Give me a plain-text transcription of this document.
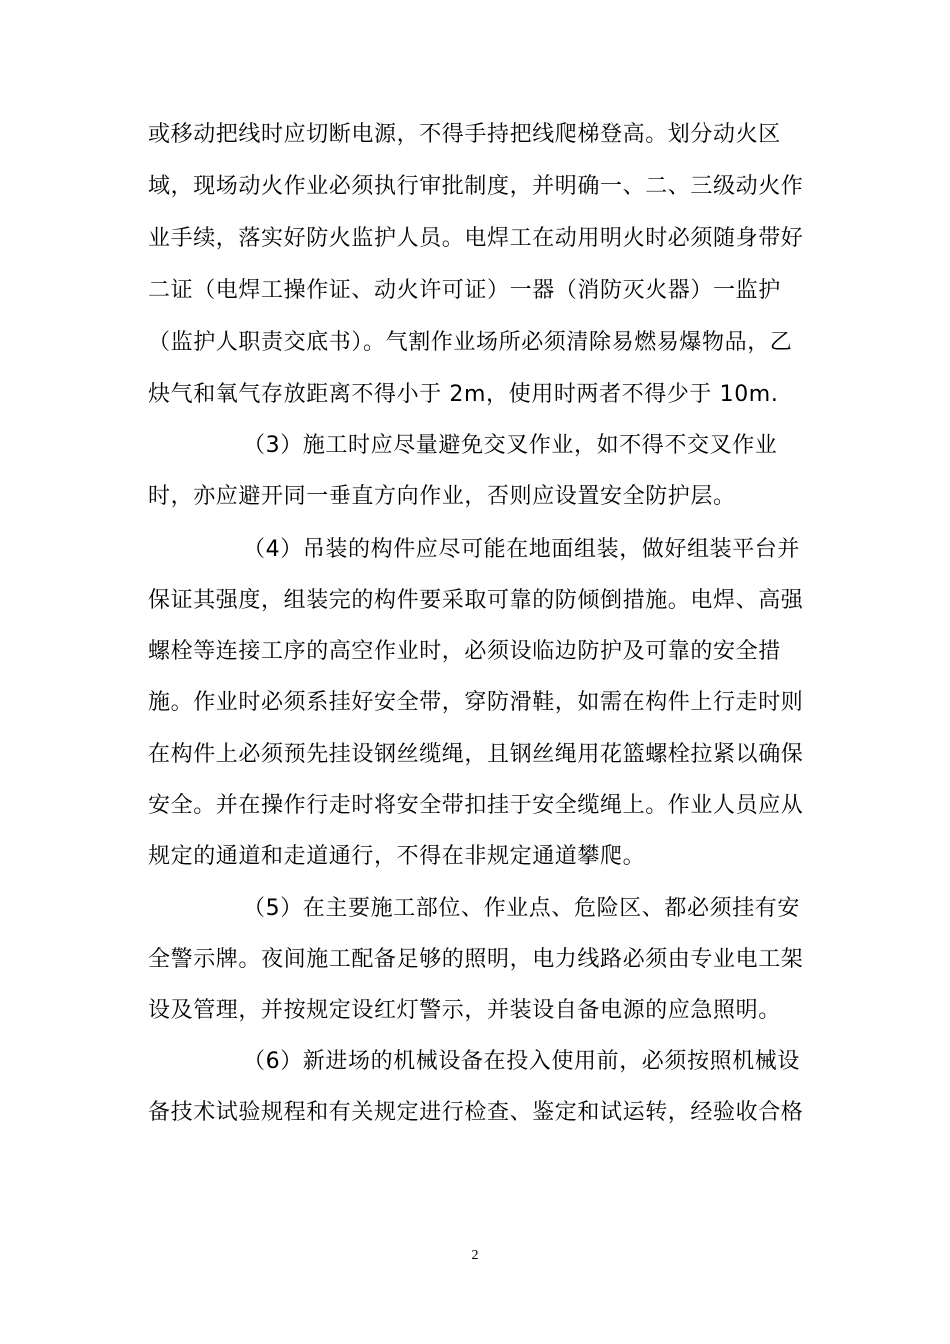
或移动把线时应切断电源，不得手持把线爬梯登高。划分动火区
域，现场动火作业必须执行审批制度，并明确一、二、三级动火作
业手续，落实好防火监护人员。电焊工在动用明火时必须随身带好
二证（电焊工操作证、动火许可证）一器（消防灭火器）一监护
（监护人职责交底书）。气割作业场所必须清除易燃易爆物品，乙
炔气和氧气存放距离不得小于 2m，使用时两者不得少于 10m.
（3）施工时应尽量避免交叉作业，如不得不交叉作业
时，亦应避开同一垂直方向作业，否则应设置安全防护层。
（4）吊装的构件应尽可能在地面组装，做好组装平台并
保证其强度，组装完的构件要采取可靠的防倾倒措施。电焊、高强
螺栓等连接工序的高空作业时，必须设临边防护及可靠的安全措
施。作业时必须系挂好安全带，穿防滑鞋，如需在构件上行走时则
在构件上必须预先挂设钢丝缆绳，且钢丝绳用花篮螺栓拉紧以确保
安全。并在操作行走时将安全带扣挂于安全缆绳上。作业人员应从
规定的通道和走道通行，不得在非规定通道攀爬。
（5）在主要施工部位、作业点、危险区、都必须挂有安
全警示牌。夜间施工配备足够的照明，电力线路必须由专业电工架
设及管理，并按规定设红灯警示，并装设自备电源的应急照明。
（6）新进场的机械设备在投入使用前，必须按照机械设
备技术试验规程和有关规定进行检查、鉴定和试运转，经验收合格
2
